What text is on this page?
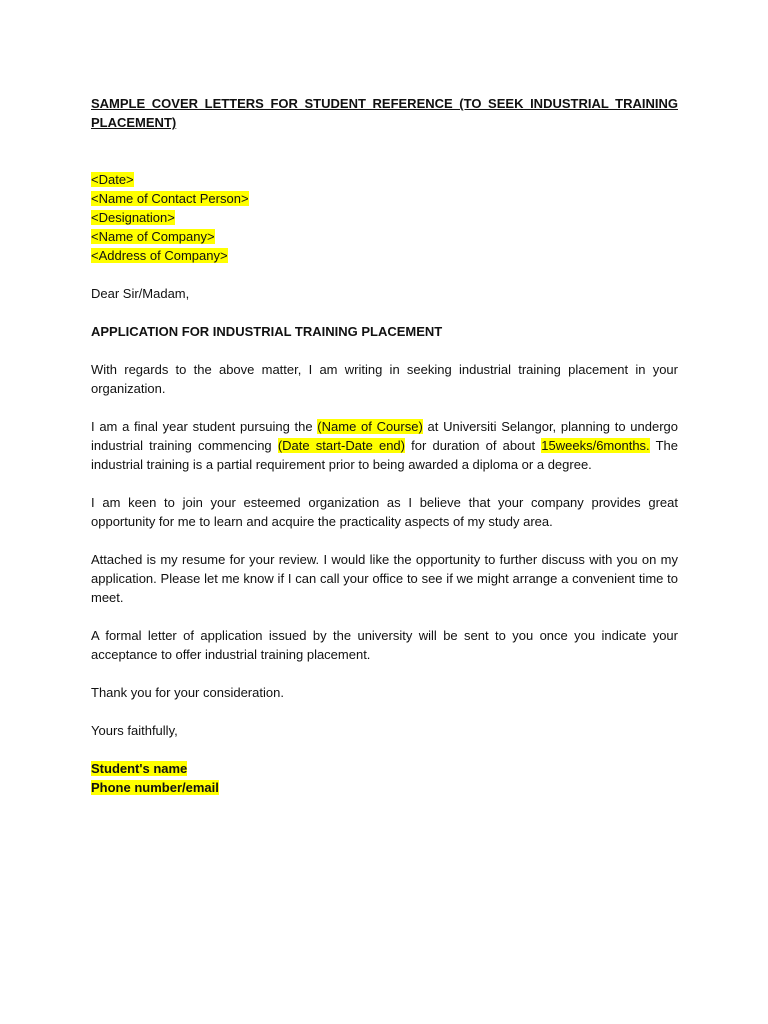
SAMPLE COVER LETTERS FOR STUDENT REFERENCE (TO SEEK INDUSTRIAL TRAINING PLACEMENT)
<Date>
<Name of Contact Person>
<Designation>
<Name of Company>
<Address of Company>
Dear Sir/Madam,
APPLICATION FOR INDUSTRIAL TRAINING PLACEMENT

With regards to the above matter, I am writing in seeking industrial training placement in your organization.

I am a final year student pursuing the (Name of Course) at Universiti Selangor, planning to undergo industrial training commencing (Date start-Date end) for duration of about 15weeks/6months. The industrial training is a partial requirement prior to being awarded a diploma or a degree.

I am keen to join your esteemed organization as I believe that your company provides great opportunity for me to learn and acquire the practicality aspects of my study area.

Attached is my resume for your review. I would like the opportunity to further discuss with you on my application. Please let me know if I can call your office to see if we might arrange a convenient time to meet.

A formal letter of application issued by the university will be sent to you once you indicate your acceptance to offer industrial training placement.

Thank you for your consideration.

Yours faithfully,
Student's name
Phone number/email
